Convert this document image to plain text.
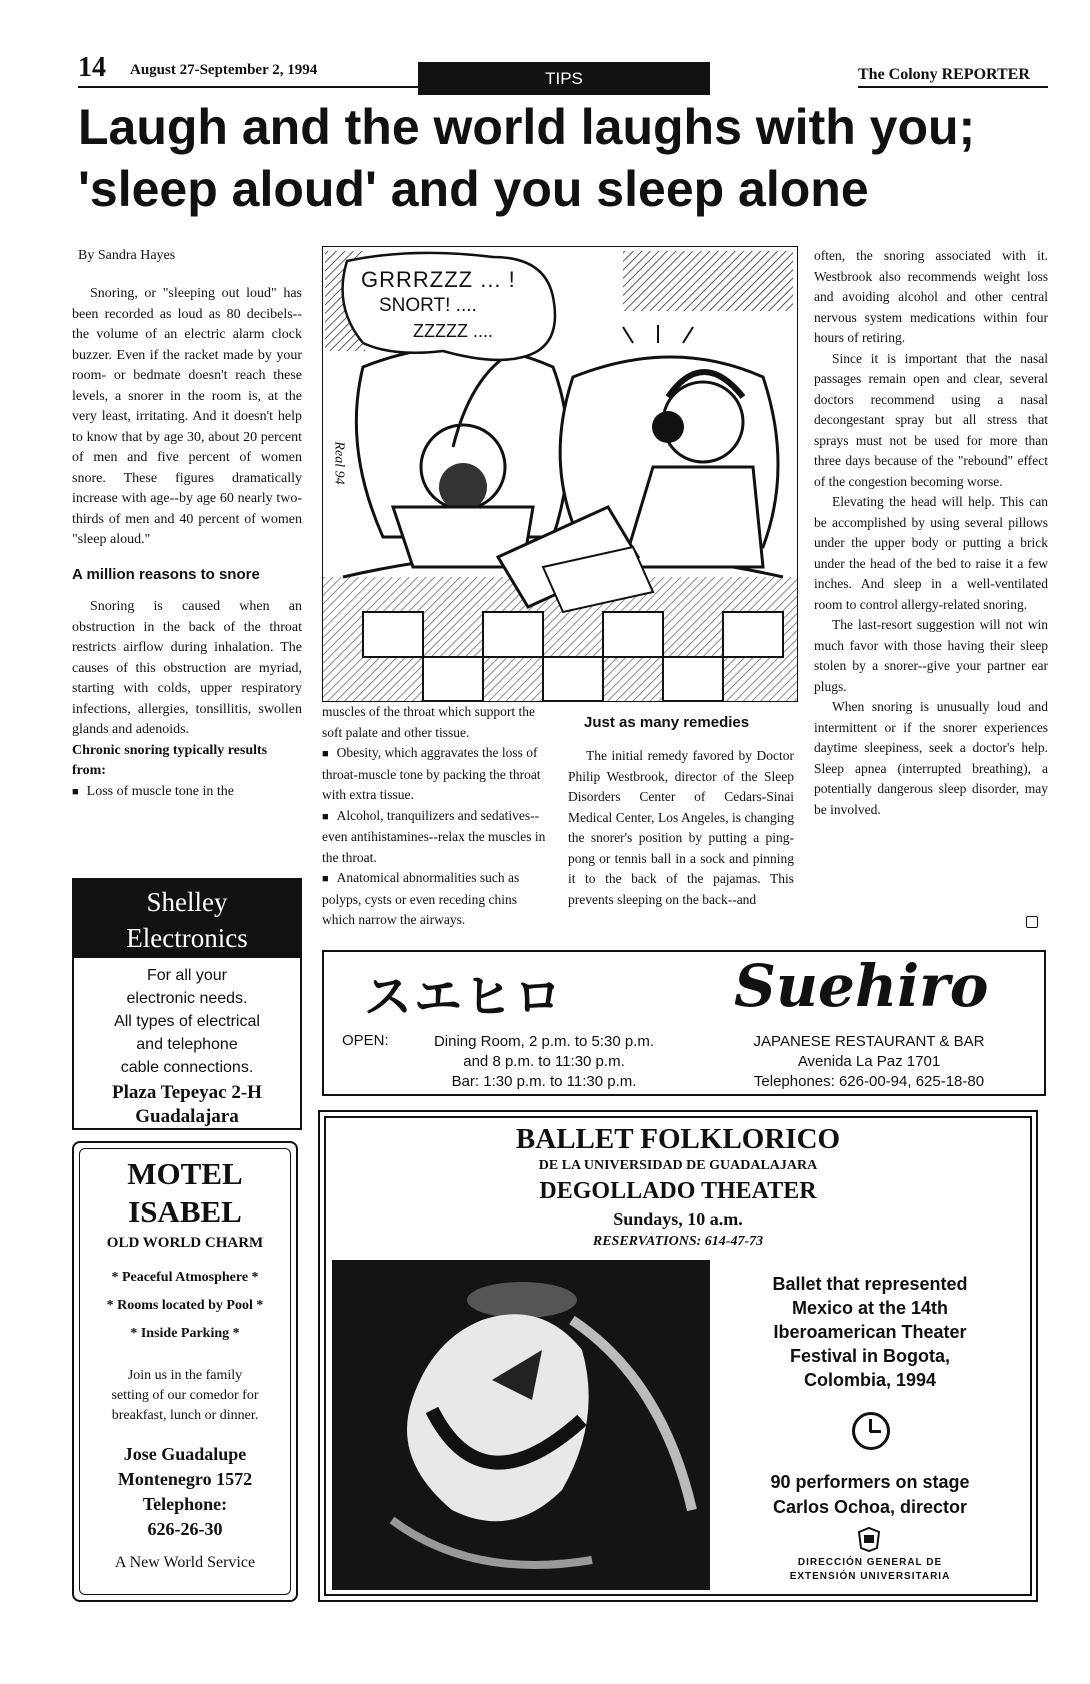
14 August 27-September 2, 1994	TIPS	The Colony REPORTER
Laugh and the world laughs with you;
'sleep aloud' and you sleep alone
By Sandra Hayes

Snoring, or "sleeping out loud" has been recorded as loud as 80 decibels--the volume of an electric alarm clock buzzer. Even if the racket made by your room- or bedmate doesn't reach these levels, a snorer in the room is, at the very least, irritating. And it doesn't help to know that by age 30, about 20 percent of men and five percent of women snore. These figures dramatically increase with age--by age 60 nearly two-thirds of men and 40 percent of women "sleep aloud."

A million reasons to snore

Snoring is caused when an obstruction in the back of the throat restricts airflow during inhalation. The causes of this obstruction are myriad, starting with colds, upper respiratory infections, allergies, tonsillitis, swollen glands and adenoids.

Chronic snoring typically results from:
■ Loss of muscle tone in the
Shelley
Electronics
For all your
electronic needs.
All types of electrical
and telephone
cable connections.
Plaza Tepeyac 2-H
Guadalajara
MOTEL
ISABEL
OLD WORLD CHARM
* Peaceful Atmosphere *
* Rooms located by Pool *
* Inside Parking *
Join us in the family
setting of our comedor for
breakfast, lunch or dinner.
Jose Guadalupe
Montenegro 1572
Telephone:
626-26-30
A New World Service
GRRRZZZ ... !
SNORT! ....
ZZZZZ ....
Real 94
muscles of the throat which support the soft palate and other tissue.
■ Obesity, which aggravates the loss of throat-muscle tone by packing the throat with extra tissue.
■ Alcohol, tranquilizers and sedatives--even antihistamines--relax the muscles in the throat.
■ Anatomical abnormalities such as polyps, cysts or even receding chins which narrow the airways.
Just as many remedies

The initial remedy favored by Doctor Philip Westbrook, director of the Sleep Disorders Center of Cedars-Sinai Medical Center, Los Angeles, is changing the snorer's position by putting a ping-pong or tennis ball in a sock and pinning it to the back of the pajamas. This prevents sleeping on the back--and

often, the snoring associated with it. Westbrook also recommends weight loss and avoiding alcohol and other central nervous system medications within four hours of retiring.

Since it is important that the nasal passages remain open and clear, several doctors recommend using a nasal decongestant spray but all stress that sprays must not be used for more than three days because of the "rebound" effect of the congestion becoming worse.

Elevating the head will help. This can be accomplished by using several pillows under the upper body or putting a brick under the head of the bed to raise it a few inches. And sleep in a well-ventilated room to control allergy-related snoring.

The last-resort suggestion will not win much favor with those having their sleep stolen by a snorer--give your partner ear plugs.

When snoring is unusually loud and intermittent or if the snorer experiences daytime sleepiness, seek a doctor's help. Sleep apnea (interrupted breathing), a potentially dangerous sleep disorder, may be involved.

スエヒロ	Suehiro
OPEN:	Dining Room, 2 p.m. to 5:30 p.m.
and 8 p.m. to 11:30 p.m.
Bar: 1:30 p.m. to 11:30 p.m.
JAPANESE RESTAURANT & BAR
Avenida La Paz 1701
Telephones: 626-00-94, 625-18-80
BALLET FOLKLORICO
DE LA UNIVERSIDAD DE GUADALAJARA
DEGOLLADO THEATER
Sundays, 10 a.m.
RESERVATIONS: 614-47-73
Ballet that represented
Mexico at the 14th
Iberoamerican Theater
Festival in Bogota,
Colombia, 1994
90 performers on stage
Carlos Ochoa, director
DIRECCIÓN GENERAL DE
EXTENSIÓN UNIVERSITARIA
